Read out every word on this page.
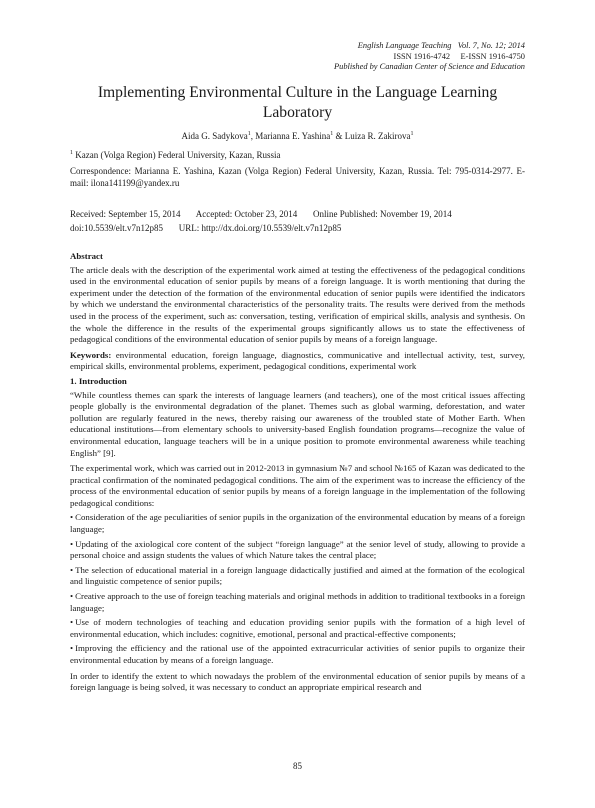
English Language Teaching Vol. 7, No. 12; 2014
ISSN 1916-4742 E-ISSN 1916-4750
Published by Canadian Center of Science and Education
Implementing Environmental Culture in the Language Learning Laboratory
Aida G. Sadykova$^1$, Marianna E. Yashina$^1$ & Luiza R. Zakirova$^1$
$^1$ Kazan (Volga Region) Federal University, Kazan, Russia
Correspondence: Marianna E. Yashina, Kazan (Volga Region) Federal University, Kazan, Russia. Tel: 795-0314-2977. E-mail: ilona141199@yandex.ru
Received: September 15, 2014 Accepted: October 23, 2014 Online Published: November 19, 2014
doi:10.5539/elt.v7n12p85 URL: http://dx.doi.org/10.5539/elt.v7n12p85

Abstract

The article deals with the description of the experimental work aimed at testing the effectiveness of the pedagogical conditions used in the environmental education of senior pupils by means of a foreign language. It is worth mentioning that during the experiment under the detection of the formation of the environmental education of senior pupils were identified the indicators by which we understand the environmental characteristics of the personality traits. The results were derived from the methods used in the process of the experiment, such as: conversation, testing, verification of empirical skills, analysis and synthesis. On the whole the difference in the results of the experimental groups significantly allows us to state the effectiveness of pedagogical conditions of the environmental education of senior pupils by means of a foreign language.

Keywords: environmental education, foreign language, diagnostics, communicative and intellectual activity, test, survey, empirical skills, environmental problems, experiment, pedagogical conditions, experimental work

1. Introduction

“While countless themes can spark the interests of language learners (and teachers), one of the most critical issues affecting people globally is the environmental degradation of the planet. Themes such as global warming, deforestation, and water pollution are regularly featured in the news, thereby raising our awareness of the troubled state of Mother Earth. When educational institutions—from elementary schools to university-based English foundation programs—recognize the value of environmental education, language teachers will be in a unique position to promote environmental awareness while teaching English” [9].

The experimental work, which was carried out in 2012-2013 in gymnasium №7 and school №165 of Kazan was dedicated to the practical confirmation of the nominated pedagogical conditions. The aim of the experiment was to increase the efficiency of the process of the environmental education of senior pupils by means of a foreign language in the implementation of the following pedagogical conditions:

• Consideration of the age peculiarities of senior pupils in the organization of the environmental education by means of a foreign language;

• Updating of the axiological core content of the subject “foreign language” at the senior level of study, allowing to provide a personal choice and assign students the values of which Nature takes the central place;

• The selection of educational material in a foreign language didactically justified and aimed at the formation of the ecological and linguistic competence of senior pupils;

• Creative approach to the use of foreign teaching materials and original methods in addition to traditional textbooks in a foreign language;

• Use of modern technologies of teaching and education providing senior pupils with the formation of a high level of environmental education, which includes: cognitive, emotional, personal and practical-effective components;

• Improving the efficiency and the rational use of the appointed extracurricular activities of senior pupils to organize their environmental education by means of a foreign language.

In order to identify the extent to which nowadays the problem of the environmental education of senior pupils by means of a foreign language is being solved, it was necessary to conduct an appropriate empirical research and

85
